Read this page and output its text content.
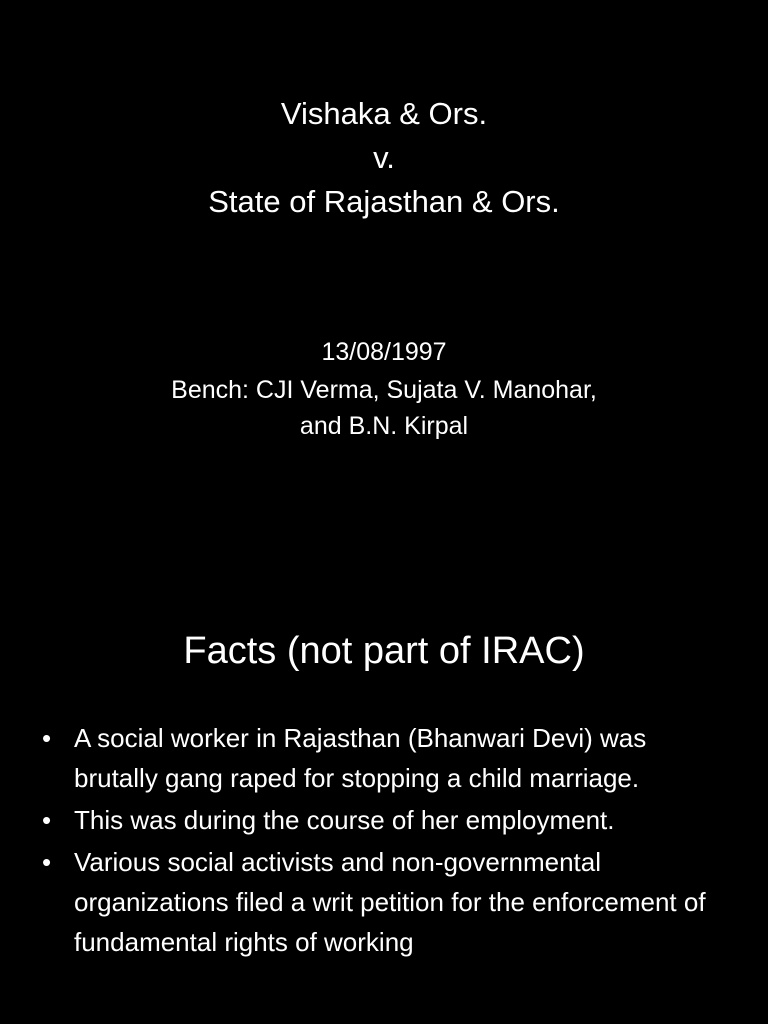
Vishaka & Ors.
v.
State of Rajasthan & Ors.
13/08/1997
Bench: CJI Verma, Sujata V. Manohar,
and B.N. Kirpal
Facts (not part of IRAC)
• A social worker in Rajasthan (Bhanwari Devi) was brutally gang raped for stopping a child marriage.
• This was during the course of her employment.
• Various social activists and non-governmental organizations filed a writ petition for the enforcement of fundamental rights of working
